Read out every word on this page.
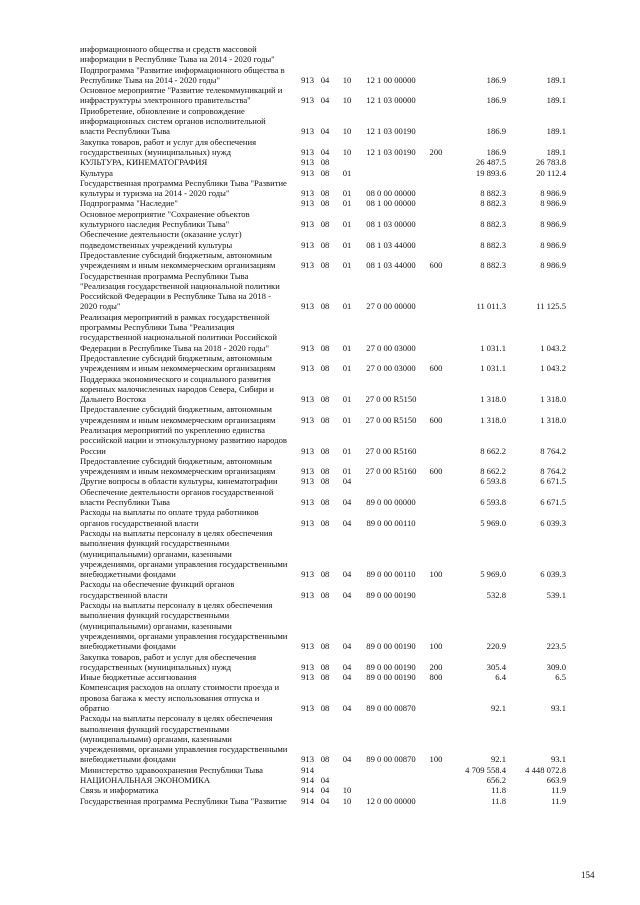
информационного общества и средств массовой информации в Республике Тыва на 2014 - 2020 годы"							
Подпрограмма "Развитие информационного общества в Республике Тыва на 2014 - 2020 годы"	913	04	10	12 1 00 00000		186.9	189.1
Основное мероприятие "Развитие телекоммуникаций и инфраструктуры электронного правительства"	913	04	10	12 1 03 00000		186.9	189.1
Приобретение, обновление и сопровождение информационных систем органов исполнительной власти Республики Тыва	913	04	10	12 1 03 00190		186.9	189.1
Закупка товаров, работ и услуг для обеспечения государственных (муниципальных) нужд	913	04	10	12 1 03 00190	200	186.9	189.1
КУЛЬТУРА, КИНЕМАТОГРАФИЯ	913	08				26 487.5	26 783.8
Культура	913	08	01			19 893.6	20 112.4
Государственная программа Республики Тыва "Развитие культуры и туризма на 2014 - 2020 годы"	913	08	01	08 0 00 00000		8 882.3	8 986.9
Подпрограмма "Наследие"	913	08	01	08 1 00 00000		8 882.3	8 986.9
Основное мероприятие "Сохранение объектов культурного наследия Республики Тыва"	913	08	01	08 1 03 00000		8 882.3	8 986.9
Обеспечение деятельности (оказание услуг) подведомственных учреждений культуры	913	08	01	08 1 03 44000		8 882.3	8 986.9
Предоставление субсидий бюджетным, автономным учреждениям и иным некоммерческим организациям	913	08	01	08 1 03 44000	600	8 882.3	8 986.9
Государственная программа Республики Тыва "Реализация государственной национальной политики Российской Федерации в Республике Тыва на 2018 - 2020 годы"	913	08	01	27 0 00 00000		11 011.3	11 125.5
Реализация мероприятий в рамках государственной программы Республики Тыва "Реализация государственной национальной политики Российской Федерации в Республике Тыва на 2018 - 2020 годы"	913	08	01	27 0 00 03000		1 031.1	1 043.2
Предоставление субсидий бюджетным, автономным учреждениям и иным некоммерческим организациям	913	08	01	27 0 00 03000	600	1 031.1	1 043.2
Поддержка экономического и социального развития коренных малочисленных народов Севера, Сибири и Дальнего Востока	913	08	01	27 0 00 R5150		1 318.0	1 318.0
Предоставление субсидий бюджетным, автономным учреждениям и иным некоммерческим организациям	913	08	01	27 0 00 R5150	600	1 318.0	1 318.0
Реализация мероприятий по укреплению единства российской нации и этнокультурному развитию народов России	913	08	01	27 0 00 R5160		8 662.2	8 764.2
Предоставление субсидий бюджетным, автономным учреждениям и иным некоммерческим организациям	913	08	01	27 0 00 R5160	600	8 662.2	8 764.2
Другие вопросы в области культуры, кинематографии	913	08	04			6 593.8	6 671.5
Обеспечение деятельности органов государственной власти Республики Тыва	913	08	04	89 0 00 00000		6 593.8	6 671.5
Расходы на выплаты по оплате труда работников органов государственной власти	913	08	04	89 0 00 00110		5 969.0	6 039.3
Расходы на выплаты персоналу в целях обеспечения выполнения функций государственными (муниципальными) органами, казенными учреждениями, органами управления государственными внебюджетными фондами	913	08	04	89 0 00 00110	100	5 969.0	6 039.3
Расходы на обеспечение функций органов государственной власти	913	08	04	89 0 00 00190		532.8	539.1
Расходы на выплаты персоналу в целях обеспечения выполнения функций государственными (муниципальными) органами, казенными учреждениями, органами управления государственными внебюджетными фондами	913	08	04	89 0 00 00190	100	220.9	223.5
Закупка товаров, работ и услуг для обеспечения государственных (муниципальных) нужд	913	08	04	89 0 00 00190	200	305.4	309.0
Иные бюджетные ассигнования	913	08	04	89 0 00 00190	800	6.4	6.5
Компенсация расходов на оплату стоимости проезда и провоза багажа к месту использования отпуска и обратно	913	08	04	89 0 00 00870		92.1	93.1
Расходы на выплаты персоналу в целях обеспечения выполнения функций государственными (муниципальными) органами, казенными учреждениями, органами управления государственными внебюджетными фондами	913	08	04	89 0 00 00870	100	92.1	93.1
Министерство здравоохранения Республики Тыва	914					4 709 558.4	4 448 072.8
НАЦИОНАЛЬНАЯ ЭКОНОМИКА	914	04				656.2	663.9
Связь и информатика	914	04	10			11.8	11.9
Государственная программа Республики Тыва "Развитие	914	04	10	12 0 00 00000		11.8	11.9
154
